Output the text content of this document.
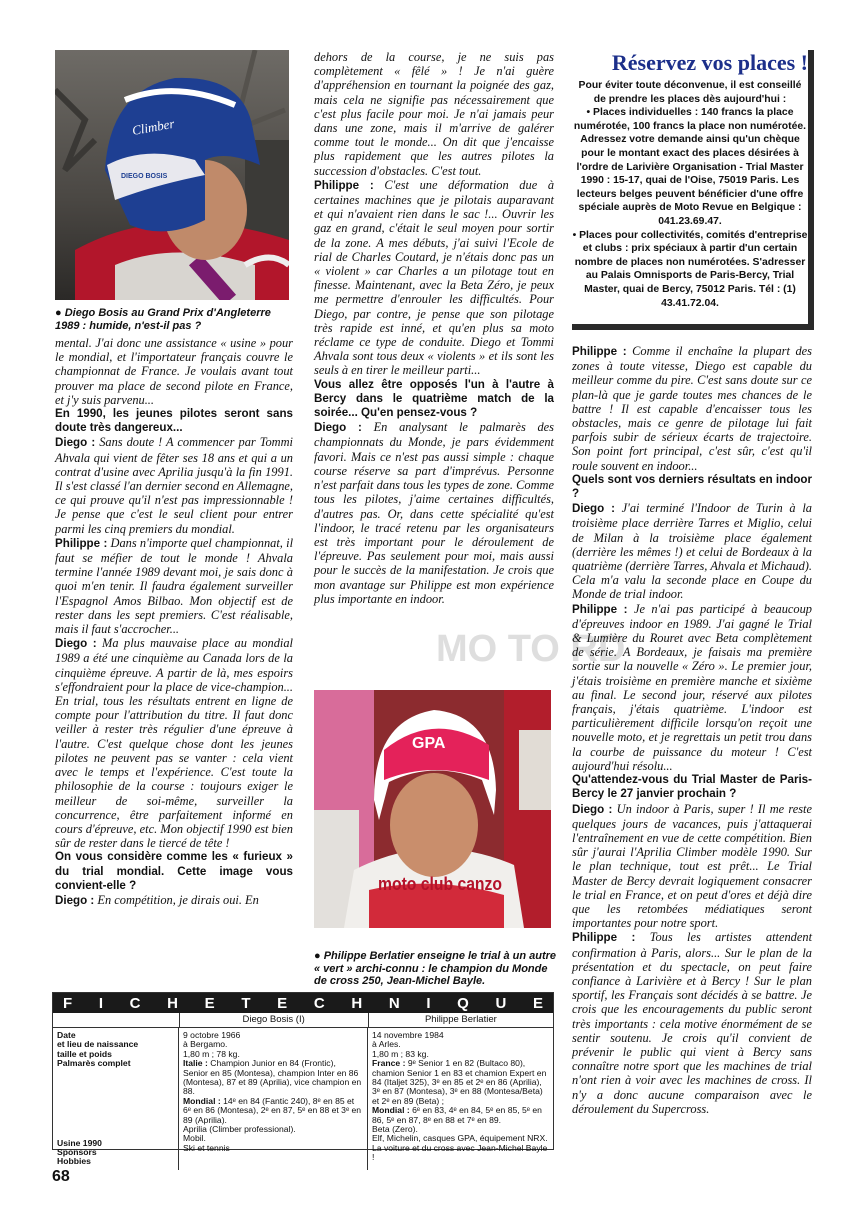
Climber
DIEGO BOSIS
● Diego Bosis au Grand Prix d'Angleterre 1989 : humide, n'est-il pas ?

mental. J'ai donc une assistance « usine » pour le mondial, et l'importateur français couvre le championnat de France. Je voulais avant tout prouver ma place de second pilote en France, et j'y suis parvenu...

En 1990, les jeunes pilotes seront sans doute très dangereux...

Diego : Sans doute ! A commencer par Tommi Ahvala qui vient de fêter ses 18 ans et qui a un contrat d'usine avec Aprilia jusqu'à la fin 1991. Il s'est classé l'an dernier second en Allemagne, ce qui prouve qu'il n'est pas impressionnable ! Je pense que c'est le seul client pour entrer parmi les cinq premiers du mondial.

Philippe : Dans n'importe quel championnat, il faut se méfier de tout le monde ! Ahvala termine l'année 1989 devant moi, je sais donc à quoi m'en tenir. Il faudra également surveiller l'Espagnol Amos Bilbao. Mon objectif est de rester dans les sept premiers. C'est réalisable, mais il faut s'accrocher...

Diego : Ma plus mauvaise place au mondial 1989 a été une cinquième au Canada lors de la cinquième épreuve. A partir de là, mes espoirs s'effondraient pour la place de vice-champion... En trial, tous les résultats entrent en ligne de compte pour l'attribution du titre. Il faut donc veiller à rester très régulier d'une épreuve à l'autre. C'est quelque chose dont les jeunes pilotes ne peuvent pas se vanter : cela vient avec le temps et l'expérience. C'est toute la philosophie de la course : toujours exiger le meilleur de soi-même, surveiller la concurrence, être parfaitement informé en cours d'épreuve, etc. Mon objectif 1990 est bien sûr de rester dans le tiercé de tête !

On vous considère comme les « furieux » du trial mondial. Cette image vous convient-elle ?

Diego : En compétition, je dirais oui. En

dehors de la course, je ne suis pas complètement « fêlé » ! Je n'ai guère d'appréhension en tournant la poignée des gaz, mais cela ne signifie pas nécessairement que c'est plus facile pour moi. Je n'ai jamais peur dans une zone, mais il m'arrive de galérer comme tout le monde... On dit que j'encaisse plus rapidement que les autres pilotes la succession d'obstacles. C'est tout.

Philippe : C'est une déformation due à certaines machines que je pilotais auparavant et qui n'avaient rien dans le sac !... Ouvrir les gaz en grand, c'était le seul moyen pour sortir de la zone. A mes débuts, j'ai suivi l'Ecole de rial de Charles Coutard, je n'étais donc pas un « violent » car Charles a un pilotage tout en finesse. Maintenant, avec la Beta Zéro, je peux me permettre d'enrouler les difficultés. Pour Diego, par contre, je pense que son pilotage très rapide est inné, et qu'en plus sa moto réclame ce type de conduite. Diego et Tommi Ahvala sont tous deux « violents » et ils sont les seuls à en tirer le meilleur parti...

Vous allez être opposés l'un à l'autre à Bercy dans le quatrième match de la soirée... Qu'en pensez-vous ?

Diego : En analysant le palmarès des championnats du Monde, je pars évidemment favori. Mais ce n'est pas aussi simple : chaque course réserve sa part d'imprévus. Personne n'est parfait dans tous les types de zone. Comme tous les pilotes, j'aime certaines difficultés, d'autres pas. Or, dans cette spécialité qu'est l'indoor, le tracé retenu par les organisateurs est très important pour le déroulement de l'épreuve. Pas seulement pour moi, mais aussi pour le succès de la manifestation. Je crois que mon avantage sur Philippe est mon expérience plus importante en indoor.

GPA
moto club canzo
● Philippe Berlatier enseigne le trial à un autre « vert » archi-connu : le champion du Monde de cross 250, Jean-Michel Bayle.
MO TO RD
Réservez vos places !
Pour éviter toute déconvenue, il est conseillé de prendre les places dès aujourd'hui :
• Places individuelles : 140 francs la place numérotée, 100 francs la place non numérotée. Adressez votre demande ainsi qu'un chèque pour le montant exact des places désirées à l'ordre de Larivière Organisation - Trial Master 1990 : 15-17, quai de l'Oise, 75019 Paris. Les lecteurs belges peuvent bénéficier d'une offre spéciale auprès de Moto Revue en Belgique : 041.23.69.47.
• Places pour collectivités, comités d'entreprise et clubs : prix spéciaux à partir d'un certain nombre de places non numérotées. S'adresser au Palais Omnisports de Paris-Bercy, Trial Master, quai de Bercy, 75012 Paris. Tél : (1) 43.41.72.04.

Philippe : Comme il enchaîne la plupart des zones à toute vitesse, Diego est capable du meilleur comme du pire. C'est sans doute sur ce plan-là que je garde toutes mes chances de le battre ! Il est capable d'encaisser tous les obstacles, mais ce genre de pilotage lui fait parfois subir de sérieux écarts de trajectoire. Son point fort principal, c'est sûr, c'est qu'il roule souvent en indoor...

Quels sont vos derniers résultats en indoor ?

Diego : J'ai terminé l'Indoor de Turin à la troisième place derrière Tarres et Miglio, celui de Milan à la troisième place également (derrière les mêmes !) et celui de Bordeaux à la quatrième (derrière Tarres, Ahvala et Michaud). Cela m'a valu la seconde place en Coupe du Monde de trial indoor.

Philippe : Je n'ai pas participé à beaucoup d'épreuves indoor en 1989. J'ai gagné le Trial & Lumière du Rouret avec Beta complètement de série. A Bordeaux, je faisais ma première sortie sur la nouvelle « Zéro ». Le premier jour, j'étais troisième en première manche et sixième au final. Le second jour, réservé aux pilotes français, j'étais quatrième. L'indoor est particulièrement difficile lorsqu'on reçoit une nouvelle moto, et je regrettais un petit trou dans la courbe de puissance du moteur ! C'est aujourd'hui résolu...

Qu'attendez-vous du Trial Master de Paris-Bercy le 27 janvier prochain ?

Diego : Un indoor à Paris, super ! Il me reste quelques jours de vacances, puis j'attaquerai l'entraînement en vue de cette compétition. Bien sûr j'aurai l'Aprilia Climber modèle 1990. Sur le plan technique, tout est prêt... Le Trial Master de Bercy devrait logiquement consacrer le trial en France, et on peut d'ores et déjà dire que les retombées médiatiques seront importantes pour notre sport.

Philippe : Tous les artistes attendent confirmation à Paris, alors... Sur le plan de la présentation et du spectacle, on peut faire confiance à Larivière et à Bercy ! Sur le plan sportif, les Français sont décidés à se battre. Je crois que les encouragements du public seront très importants : cela motive énormément de se sentir soutenu. Je crois qu'il convient de prévenir le public qui vient à Bercy sans connaître notre sport que les machines de trial n'ont rien à voir avec les machines de cross. Il n'y a donc aucune comparaison avec le déroulement du Supercross.

F I C H E T E C H N I Q U E
Diego Bosis (I)	Philippe Berlatier
Date
et lieu de naissance
taille et poids
Palmarès complet
Usine 1990
Sponsors
Hobbies
9 octobre 1966
à Bergamo.
1,80 m ; 78 kg.
Italie : Champion Junior en 84 (Frontic), Senior en 85 (Montesa), champion Inter en 86 (Montesa), 87 et 89 (Aprilia), vice champion en 88.
Mondial : 14ᵉ en 84 (Fantic 240), 8ᵉ en 85 et 6ᵉ en 86 (Montesa), 2ᵉ en 87, 5ᵉ en 88 et 3ᵉ en 89 (Aprilia).
Aprilia (Climber professional).
Mobil.
Ski et tennis
14 novembre 1984
à Arles.
1,80 m ; 83 kg.
France : 9ᵉ Senior 1 en 82 (Bultaco 80), chamion Senior 1 en 83 et chamion Expert en 84 (Italjet 325), 3ᵉ en 85 et 2ᵉ en 86 (Aprilia), 3ᵉ en 87 (Montesa), 3ᵉ en 88 (Montesa/Beta) et 2ᵉ en 89 (Beta) ;
Mondial : 6ᵉ en 83, 4ᵉ en 84, 5ᵉ en 85, 5ᵉ en 86, 5ᵉ en 87, 8ᵉ en 88 et 7ᵉ en 89.
Beta (Zero).
Elf, Michelin, casques GPA, équipement NRX.
La voiture et du cross avec Jean-Michel Bayle !
68
